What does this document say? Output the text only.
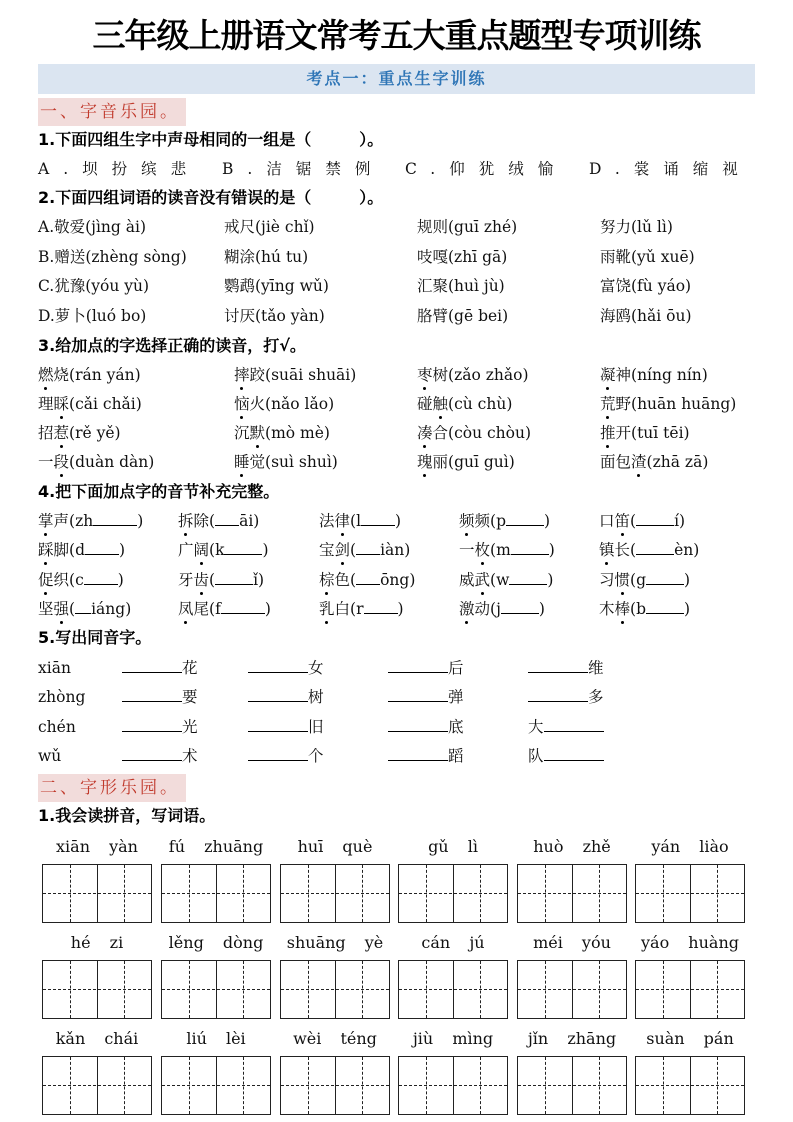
三年级上册语文常考五大重点题型专项训练
考点一：重点生字训练
一、字音乐园。
1.下面四组生字中声母相同的一组是（　　　）。
A.坝扮缤悲 B.洁锯禁例 C.仰犹绒愉 D.裳诵缩视
2.下面四组词语的读音没有错误的是（　　　）。
A.敬爱(jìng ài)	戒尺(jiè chǐ)	规则(guī zhé)	努力(lǔ lì)
B.赠送(zhèng sòng) 糊涂(hú tu)	吱嘎(zhī gā)	雨靴(yǔ xuē)
C.犹豫(yóu yù)	鹦鹉(yīng wǔ)	汇聚(huì jù)	富饶(fù yáo)
D.萝卜(luó bo)	讨厌(tǎo yàn)	胳臂(gē bei)	海鸥(hǎi ōu)
3.给加点的字选择正确的读音，打√。
燃烧(rán yán)	摔跤(suāi shuāi)	枣树(zǎo zhǎo)	凝神(níng nín)
理睬(cǎi chǎi)	恼火(nǎo lǎo)	碰触(cù chù)	荒野(huān huāng)
招惹(rě yě)	沉默(mò mè)	凑合(còu chòu)	推开(tuī tēi)
一段(duàn dàn)	睡觉(suì shuì)	瑰丽(guī guì)	面包渣(zhā zā)
4.把下面加点字的音节补充完整。
掌声(zh	) 拆除( āi)	法律(l )	频频(p )	口笛( í)
踩脚(d )	广阔(k )	宝剑( iàn)	一枚(m )	镇长( èn)
促织(c )	牙齿( ǐ)	棕色( ōng)	威武(w )	习惯(g )
坚强( iáng)	凤尾(f	)	乳白(r )	激动(j )	木棒(b )
5.写出同音字。
xiān	花	女	后	维
zhòng	要	树	弹	多
chén	光	旧	底	大
wǔ	术	个	蹈	队
二、字形乐园。
1.我会读拼音，写词语。
xiān yàn	fú zhuāng	huī què	gǔ lì	huò zhě	yán liào
hé zi	lěng dòng	shuāng yè	cán jú	méi yóu	yáo huàng
kǎn chái	liú lèi	wèi téng	jiù mìng	jǐn zhāng	suàn pán
